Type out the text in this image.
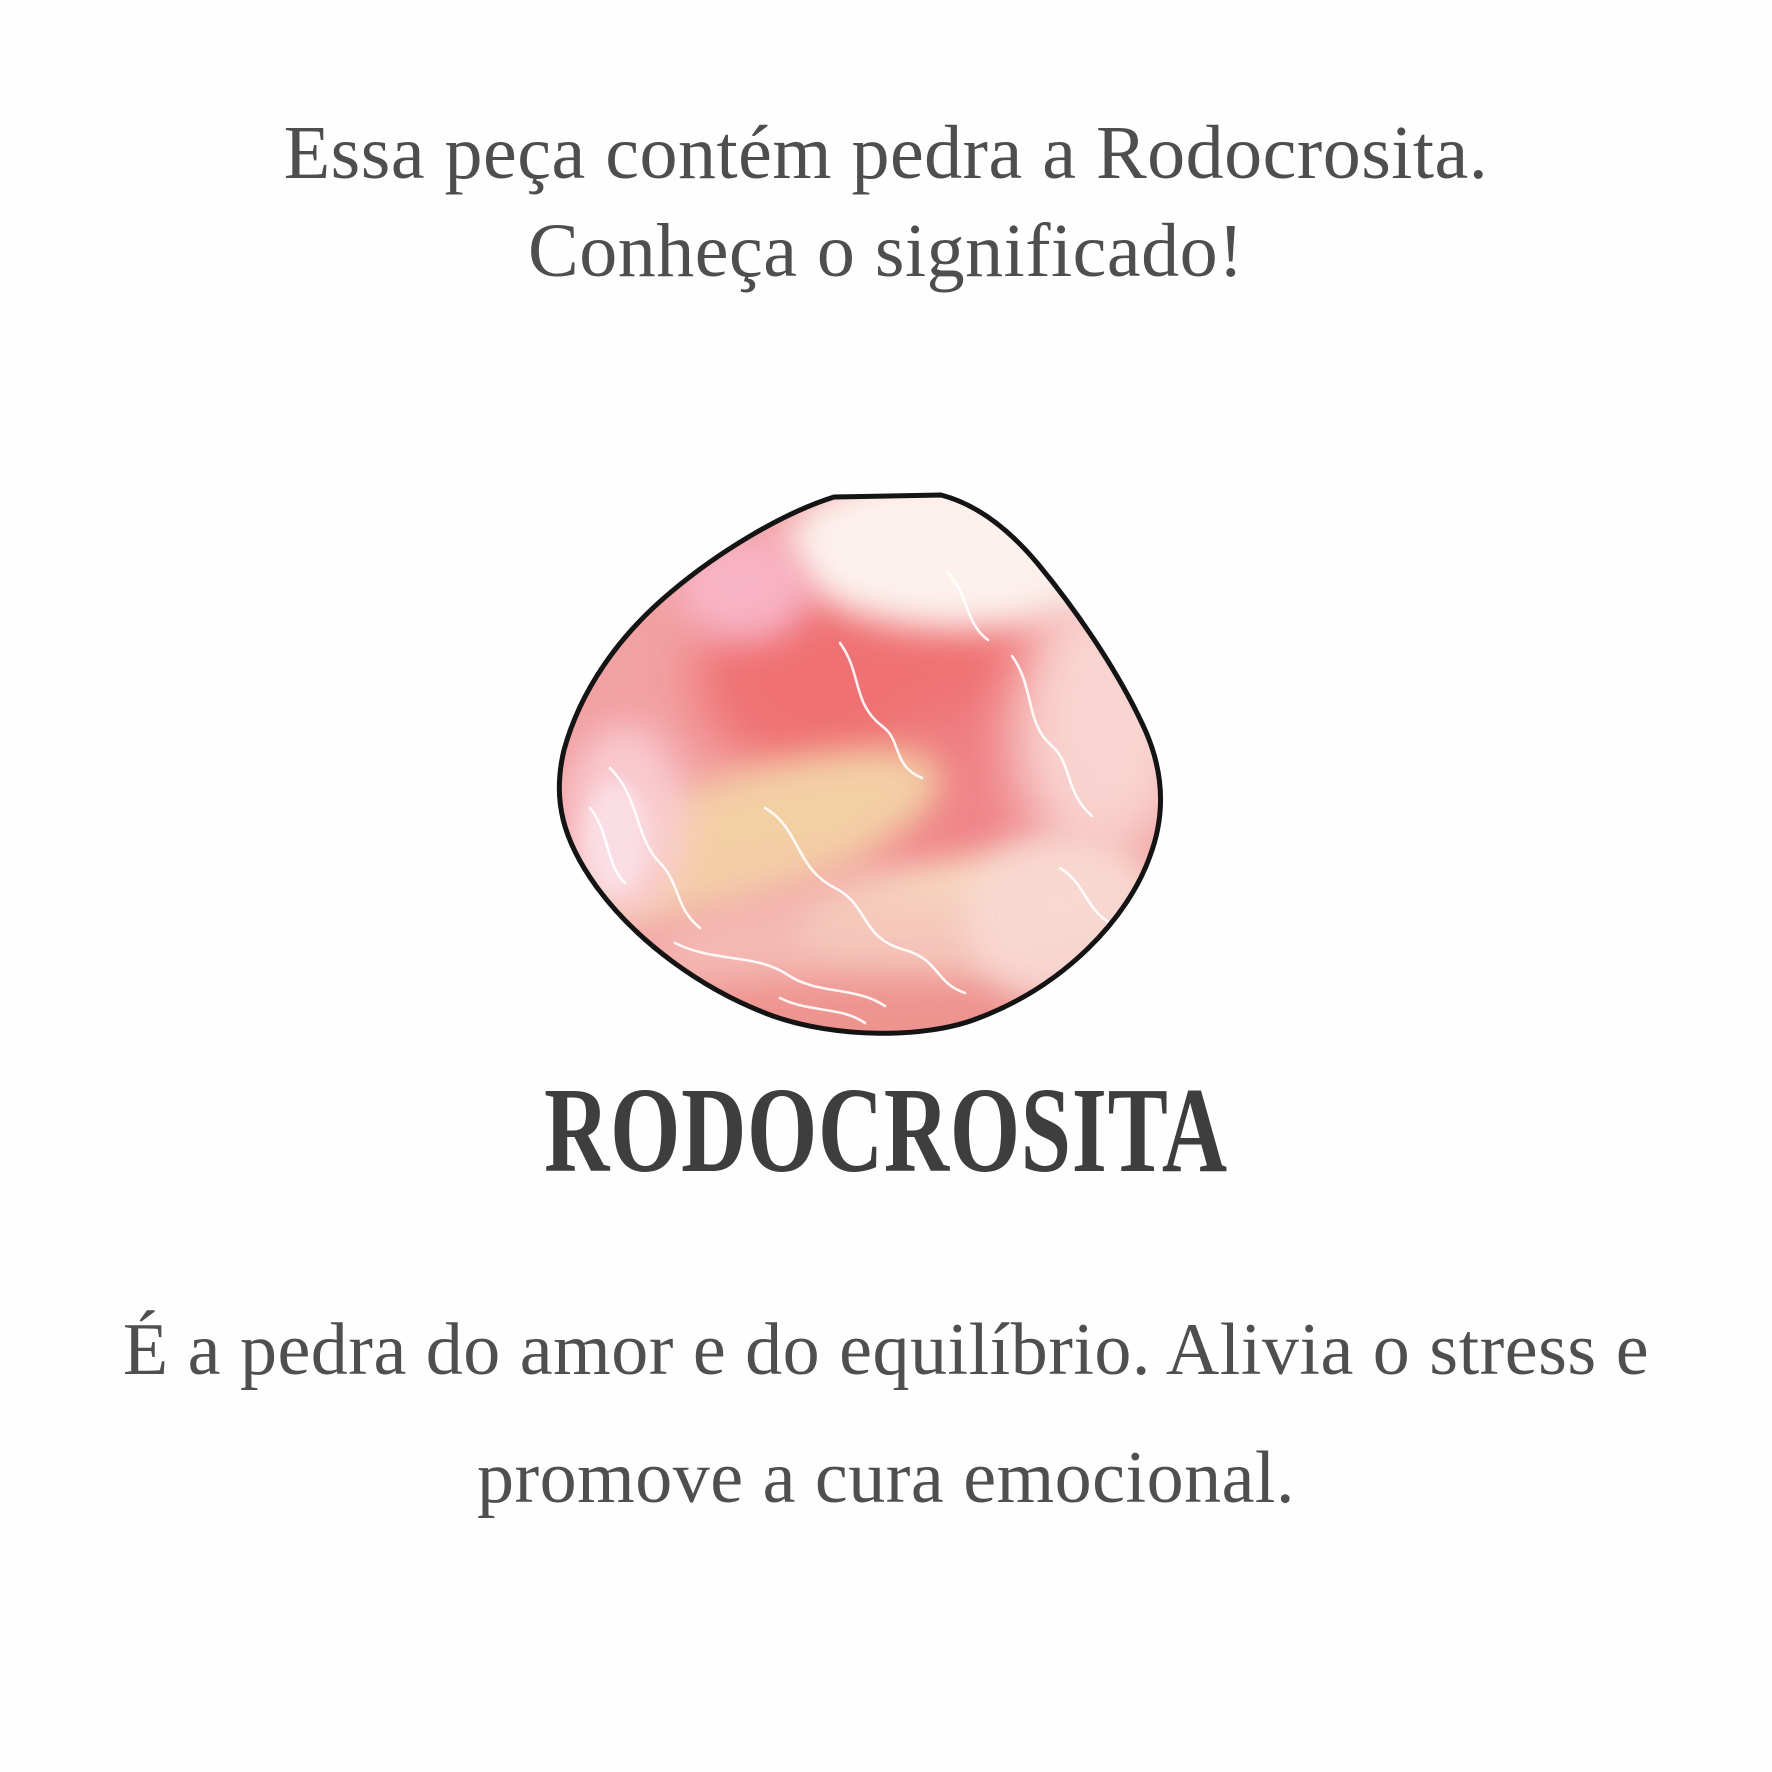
Essa peça contém pedra a Rodocrosita.
Conheça o significado!
RODOCROSITA
É a pedra do amor e do equilíbrio. Alivia o stress e
promove a cura emocional.
